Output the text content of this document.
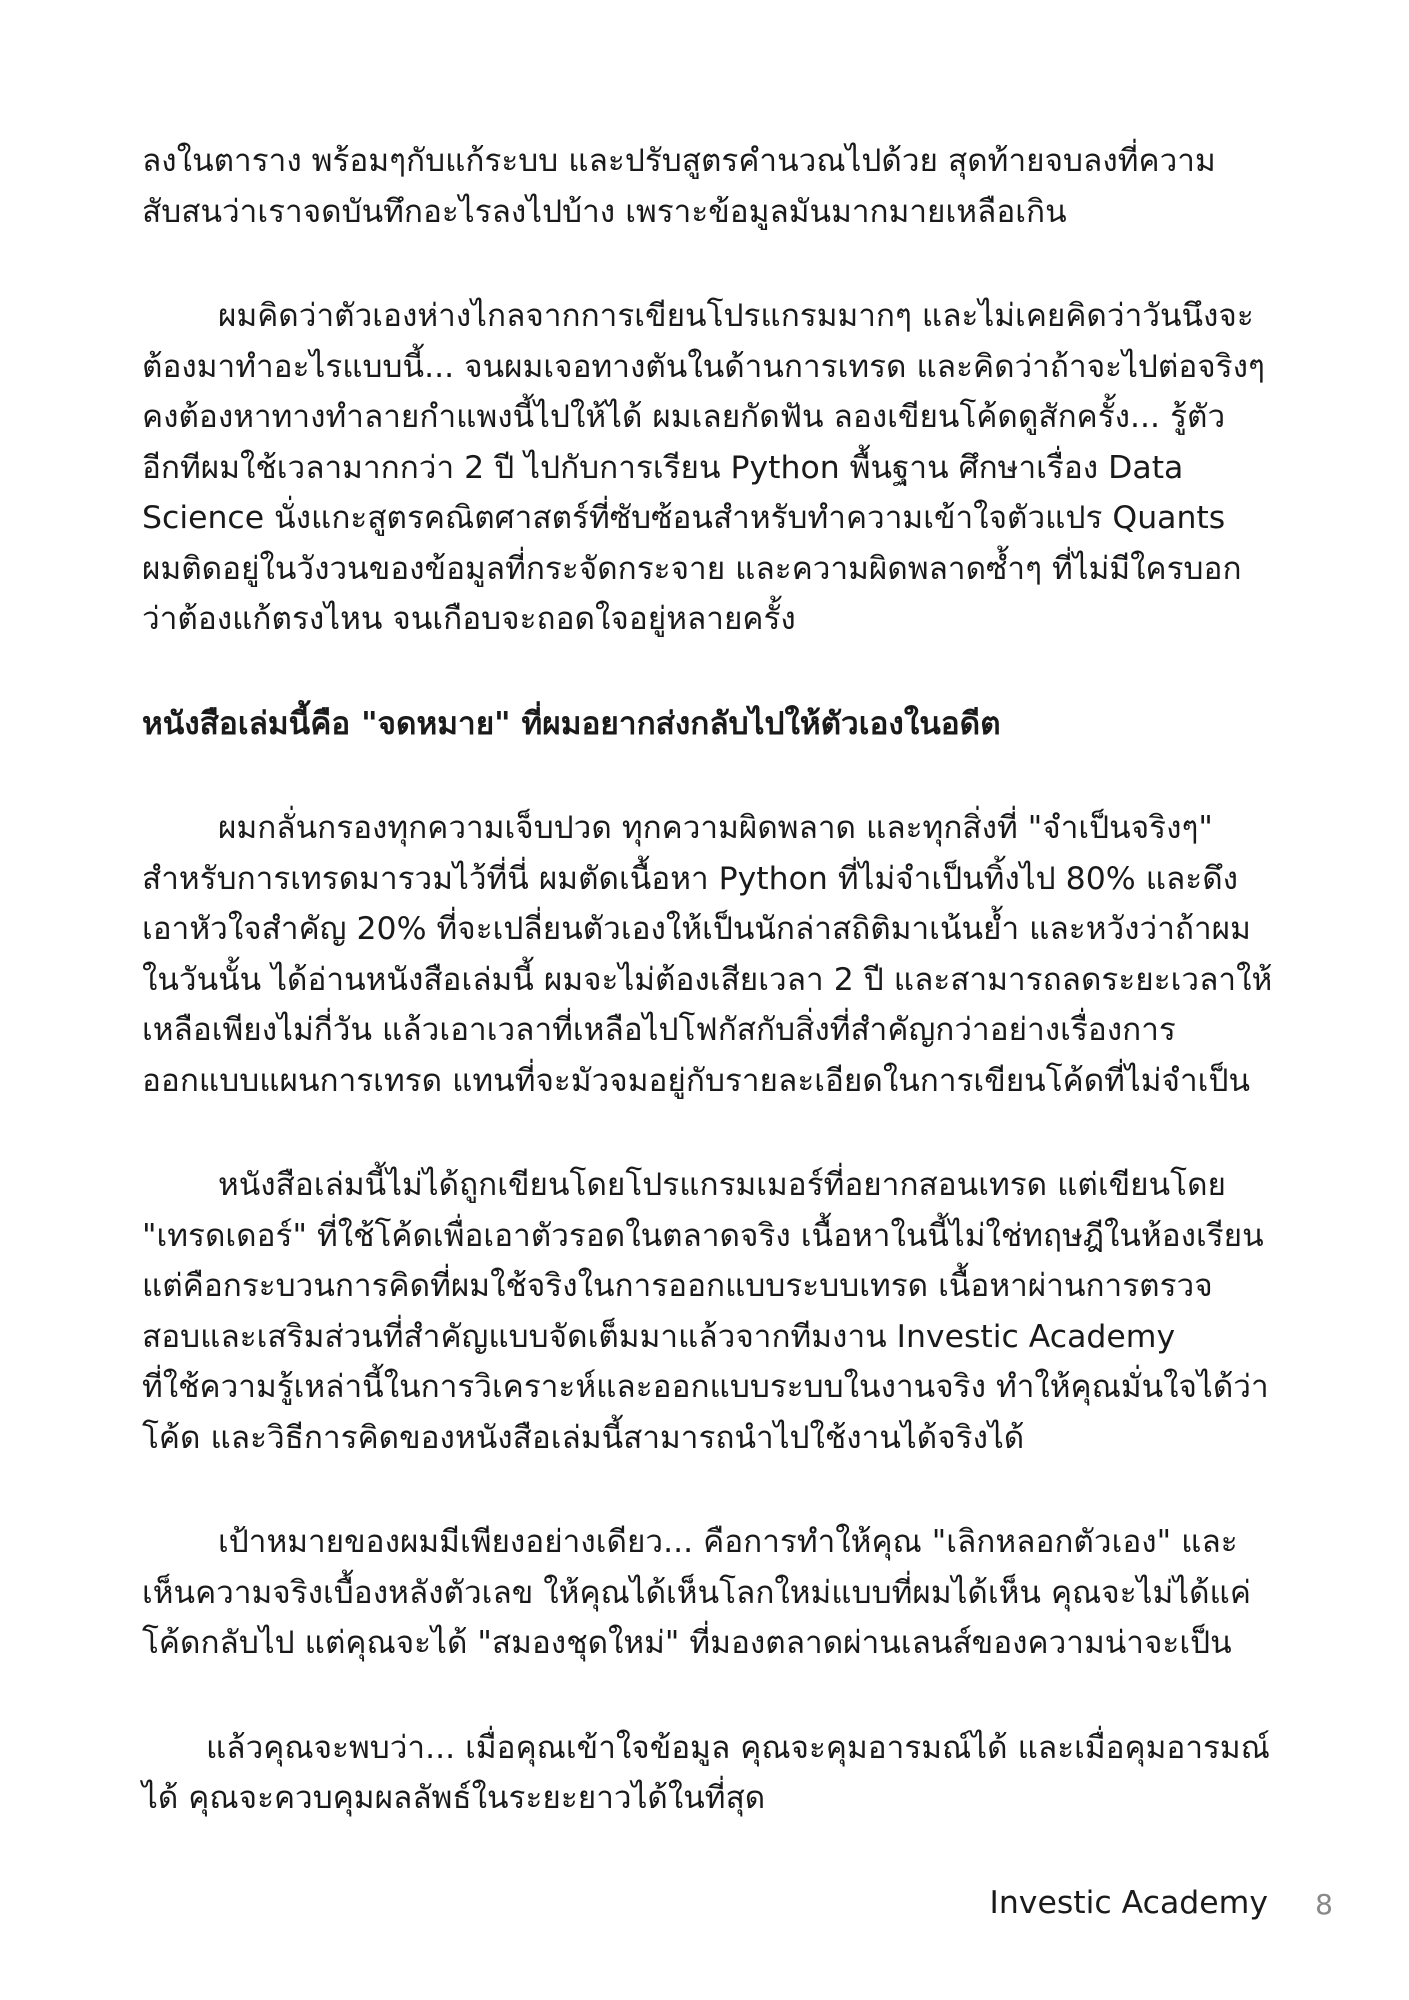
ลงในตาราง พร้อมๆกับแก้ระบบ และปรับสูตรคำนวณไปด้วย สุดท้ายจบลงที่ความ
สับสนว่าเราจดบันทึกอะไรลงไปบ้าง เพราะข้อมูลมันมากมายเหลือเกิน

ผมคิดว่าตัวเองห่างไกลจากการเขียนโปรแกรมมากๆ และไม่เคยคิดว่าวันนึงจะ
ต้องมาทำอะไรแบบนี้... จนผมเจอทางตันในด้านการเทรด และคิดว่าถ้าจะไปต่อจริงๆ
คงต้องหาทางทำลายกำแพงนี้ไปให้ได้ ผมเลยกัดฟัน ลองเขียนโค้ดดูสักครั้ง... รู้ตัว
อีกทีผมใช้เวลามากกว่า 2 ปี ไปกับการเรียน Python พื้นฐาน ศึกษาเรื่อง Data
Science นั่งแกะสูตรคณิตศาสตร์ที่ซับซ้อนสำหรับทำความเข้าใจตัวแปร Quants
ผมติดอยู่ในวังวนของข้อมูลที่กระจัดกระจาย และความผิดพลาดซ้ำๆ ที่ไม่มีใครบอก
ว่าต้องแก้ตรงไหน จนเกือบจะถอดใจอยู่หลายครั้ง

หนังสือเล่มนี้คือ "จดหมาย" ที่ผมอยากส่งกลับไปให้ตัวเองในอดีต

ผมกลั่นกรองทุกความเจ็บปวด ทุกความผิดพลาด และทุกสิ่งที่ "จำเป็นจริงๆ"
สำหรับการเทรดมารวมไว้ที่นี่ ผมตัดเนื้อหา Python ที่ไม่จำเป็นทิ้งไป 80% และดึง
เอาหัวใจสำคัญ 20% ที่จะเปลี่ยนตัวเองให้เป็นนักล่าสถิติมาเน้นย้ำ และหวังว่าถ้าผม
ในวันนั้น ได้อ่านหนังสือเล่มนี้ ผมจะไม่ต้องเสียเวลา 2 ปี และสามารถลดระยะเวลาให้
เหลือเพียงไม่กี่วัน แล้วเอาเวลาที่เหลือไปโฟกัสกับสิ่งที่สำคัญกว่าอย่างเรื่องการ
ออกแบบแผนการเทรด แทนที่จะมัวจมอยู่กับรายละเอียดในการเขียนโค้ดที่ไม่จำเป็น

หนังสือเล่มนี้ไม่ได้ถูกเขียนโดยโปรแกรมเมอร์ที่อยากสอนเทรด แต่เขียนโดย
"เทรดเดอร์" ที่ใช้โค้ดเพื่อเอาตัวรอดในตลาดจริง เนื้อหาในนี้ไม่ใช่ทฤษฎีในห้องเรียน
แต่คือกระบวนการคิดที่ผมใช้จริงในการออกแบบระบบเทรด เนื้อหาผ่านการตรวจ
สอบและเสริมส่วนที่สำคัญแบบจัดเต็มมาแล้วจากทีมงาน Investic Academy
ที่ใช้ความรู้เหล่านี้ในการวิเคราะห์และออกแบบระบบในงานจริง ทำให้คุณมั่นใจได้ว่า
โค้ด และวิธีการคิดของหนังสือเล่มนี้สามารถนำไปใช้งานได้จริงได้

เป้าหมายของผมมีเพียงอย่างเดียว... คือการทำให้คุณ "เลิกหลอกตัวเอง" และ
เห็นความจริงเบื้องหลังตัวเลข ให้คุณได้เห็นโลกใหม่แบบที่ผมได้เห็น คุณจะไม่ได้แค่
โค้ดกลับไป แต่คุณจะได้ "สมองชุดใหม่" ที่มองตลาดผ่านเลนส์ของความน่าจะเป็น

แล้วคุณจะพบว่า... เมื่อคุณเข้าใจข้อมูล คุณจะคุมอารมณ์ได้ และเมื่อคุมอารมณ์
ได้ คุณจะควบคุมผลลัพธ์ในระยะยาวได้ในที่สุด

Investic Academy 8
